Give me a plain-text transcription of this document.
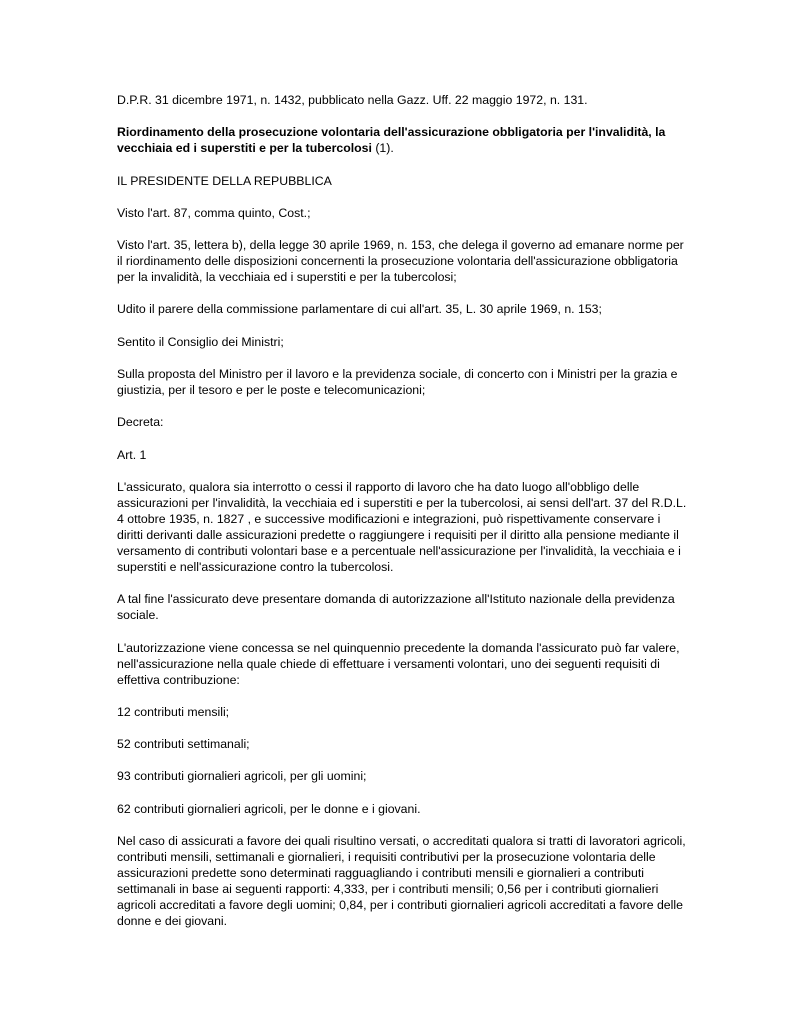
D.P.R. 31 dicembre 1971, n. 1432, pubblicato nella Gazz. Uff. 22 maggio 1972, n. 131.

Riordinamento della prosecuzione volontaria dell'assicurazione obbligatoria per l'invalidità, la vecchiaia ed i superstiti e per la tubercolosi (1).

IL PRESIDENTE DELLA REPUBBLICA

Visto l'art. 87, comma quinto, Cost.;

Visto l'art. 35, lettera b), della legge 30 aprile 1969, n. 153, che delega il governo ad emanare norme per il riordinamento delle disposizioni concernenti la prosecuzione volontaria dell'assicurazione obbligatoria per la invalidità, la vecchiaia ed i superstiti e per la tubercolosi;

Udito il parere della commissione parlamentare di cui all'art. 35, L. 30 aprile 1969, n. 153;

Sentito il Consiglio dei Ministri;

Sulla proposta del Ministro per il lavoro e la previdenza sociale, di concerto con i Ministri per la grazia e giustizia, per il tesoro e per le poste e telecomunicazioni;

Decreta:

Art. 1

L'assicurato, qualora sia interrotto o cessi il rapporto di lavoro che ha dato luogo all'obbligo delle assicurazioni per l'invalidità, la vecchiaia ed i superstiti e per la tubercolosi, ai sensi dell'art. 37 del R.D.L. 4 ottobre 1935, n. 1827 , e successive modificazioni e integrazioni, può rispettivamente conservare i diritti derivanti dalle assicurazioni predette o raggiungere i requisiti per il diritto alla pensione mediante il versamento di contributi volontari base e a percentuale nell'assicurazione per l'invalidità, la vecchiaia e i superstiti e nell'assicurazione contro la tubercolosi.

A tal fine l'assicurato deve presentare domanda di autorizzazione all'Istituto nazionale della previdenza sociale.

L'autorizzazione viene concessa se nel quinquennio precedente la domanda l'assicurato può far valere, nell'assicurazione nella quale chiede di effettuare i versamenti volontari, uno dei seguenti requisiti di effettiva contribuzione:

12 contributi mensili;

52 contributi settimanali;

93 contributi giornalieri agricoli, per gli uomini;

62 contributi giornalieri agricoli, per le donne e i giovani.

Nel caso di assicurati a favore dei quali risultino versati, o accreditati qualora si tratti di lavoratori agricoli, contributi mensili, settimanali e giornalieri, i requisiti contributivi per la prosecuzione volontaria delle assicurazioni predette sono determinati ragguagliando i contributi mensili e giornalieri a contributi settimanali in base ai seguenti rapporti: 4,333, per i contributi mensili; 0,56 per i contributi giornalieri agricoli accreditati a favore degli uomini; 0,84, per i contributi giornalieri agricoli accreditati a favore delle donne e dei giovani.
